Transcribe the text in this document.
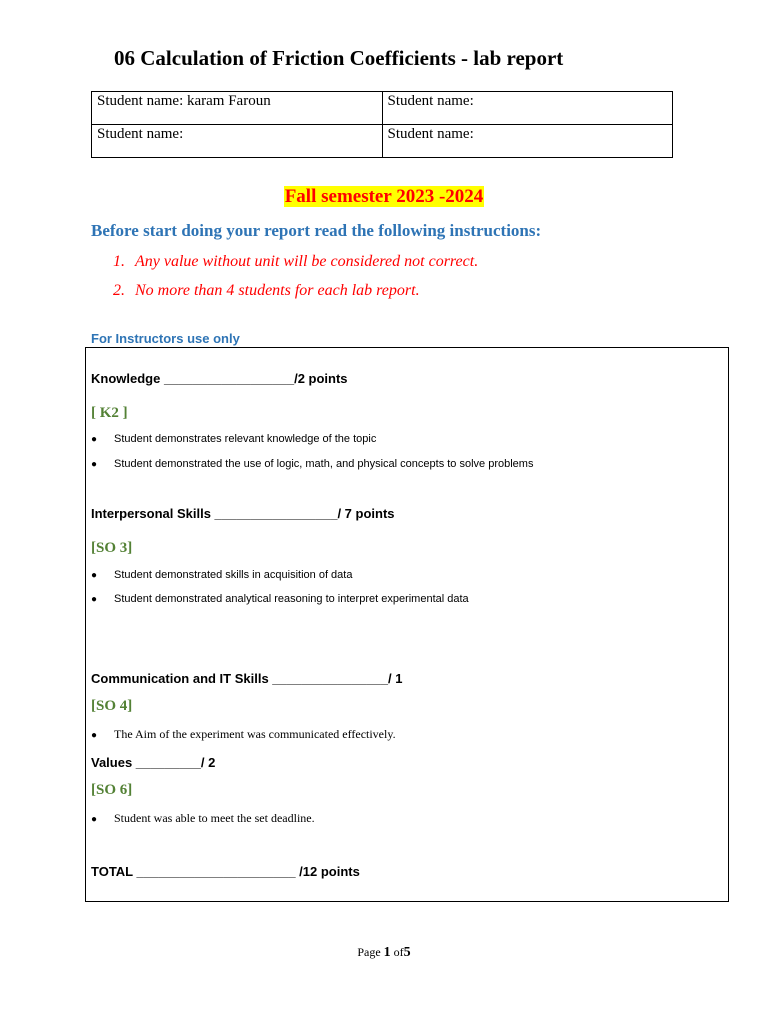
06 Calculation of Friction Coefficients - lab report
Student name: karam Faroun	Student name:
Student name:	Student name:
Fall semester 2023 -2024
Before start doing your report read the following instructions:
1. Any value without unit will be considered not correct.
2. No more than 4 students for each lab report.
For Instructors use only
Knowledge __________________/2 points
[ K2 ]
● Student demonstrates relevant knowledge of the topic
● Student demonstrated the use of logic, math, and physical concepts to solve problems
Interpersonal Skills _________________/ 7 points
[SO 3]
● Student demonstrated skills in acquisition of data
● Student demonstrated analytical reasoning to interpret experimental data
Communication and IT Skills ________________/ 1
[SO 4]
● The Aim of the experiment was communicated effectively.
Values _________/ 2
[SO 6]
● Student was able to meet the set deadline.
TOTAL ______________________ /12 points
Page 1 of5
